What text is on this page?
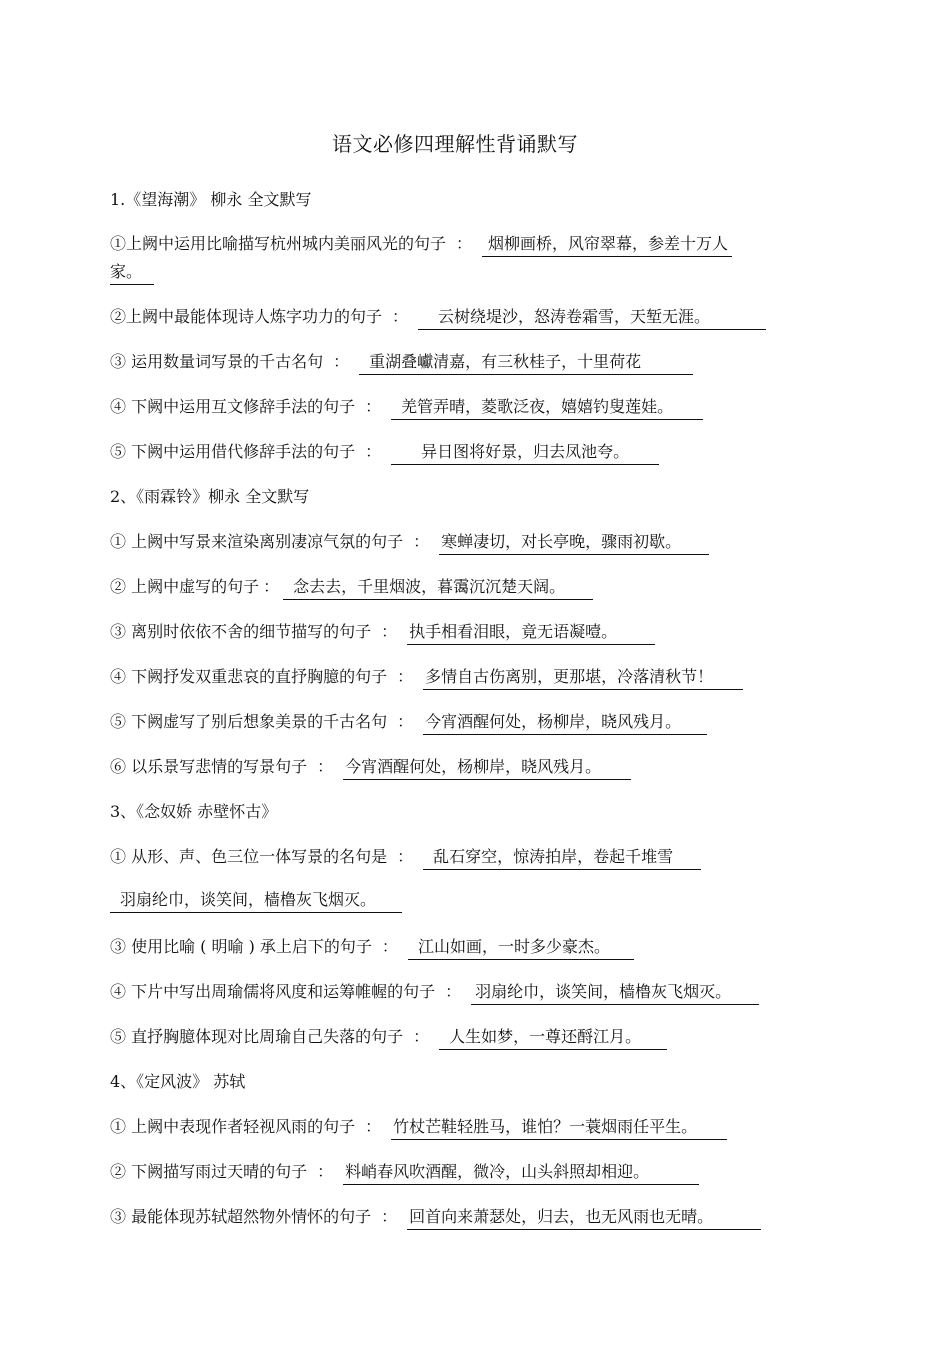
语文必修四理解性背诵默写
1.《望海潮》 柳永 全文默写
①上阙中运用比喻描写杭州城内美丽风光的句子 ： 烟柳画桥，风帘翠幕，参差十万人
家。
②上阙中最能体现诗人炼字功力的句子 ： 云树绕堤沙，怒涛卷霜雪，天堑无涯。
③ 运用数量词写景的千古名句 ： 重湖叠巘清嘉，有三秋桂子，十里荷花
④ 下阙中运用互文修辞手法的句子 ： 羌管弄晴，菱歌泛夜，嬉嬉钓叟莲娃。
⑤ 下阙中运用借代修辞手法的句子 ：	异日图将好景，归去凤池夸。
2、《雨霖铃》柳永 全文默写
① 上阙中写景来渲染离别凄凉气氛的句子 ： 寒蝉凄切，对长亭晚，骤雨初歇。
② 上阙中虚写的句子 ： 念去去，千里烟波，暮霭沉沉楚天阔。
③ 离别时依依不舍的细节描写的句子 ： 执手相看泪眼，竟无语凝噎。
④ 下阙抒发双重悲哀的直抒胸臆的句子 ： 多情自古伤离别，更那堪，冷落清秋节！
⑤ 下阙虚写了别后想象美景的千古名句 ： 今宵酒醒何处，杨柳岸，晓风残月。
⑥ 以乐景写悲情的写景句子 ： 今宵酒醒何处，杨柳岸，晓风残月。
3、《念奴娇 赤壁怀古》
① 从形、声、色三位一体写景的名句是 ： 乱石穿空，惊涛拍岸，卷起千堆雪
羽扇纶巾，谈笑间，樯橹灰飞烟灭。
③ 使用比喻 ( 明喻 ) 承上启下的句子 ： 江山如画，一时多少豪杰。
④ 下片中写出周瑜儒将风度和运筹帷幄的句子 ： 羽扇纶巾，谈笑间，樯橹灰飞烟灭。
⑤ 直抒胸臆体现对比周瑜自己失落的句子 ： 人生如梦，一尊还酹江月。
4、《定风波》 苏轼
① 上阙中表现作者轻视风雨的句子 ： 竹杖芒鞋轻胜马，谁怕？一蓑烟雨任平生。
② 下阙描写雨过天晴的句子 ： 料峭春风吹酒醒，微冷，山头斜照却相迎。
③ 最能体现苏轼超然物外情怀的句子 ： 回首向来萧瑟处，归去，也无风雨也无晴。
